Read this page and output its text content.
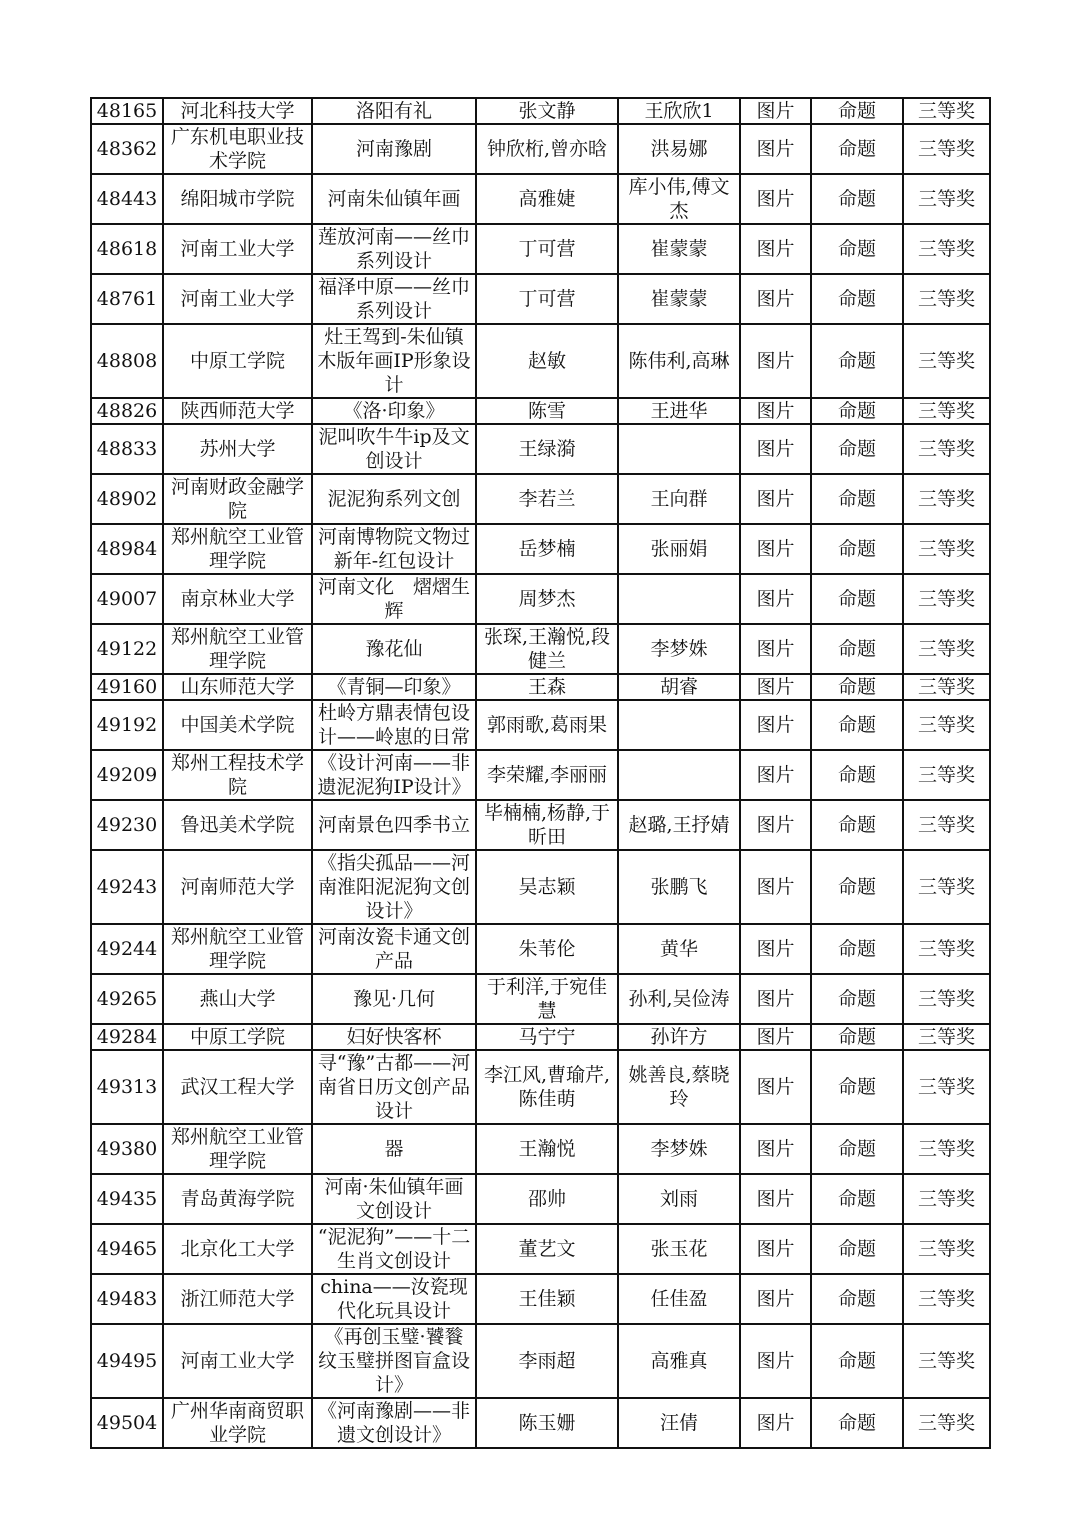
48165	河北科技大学	洛阳有礼	张文静	王欣欣1	图片	命题	三等奖
48362	广东机电职业技术学院	河南豫剧	钟欣桁,曾亦晗	洪易娜	图片	命题	三等奖
48443	绵阳城市学院	河南朱仙镇年画	高雅婕	库小伟,傅文杰	图片	命题	三等奖
48618	河南工业大学	莲放河南——丝巾系列设计	丁可营	崔蒙蒙	图片	命题	三等奖
48761	河南工业大学	福泽中原——丝巾系列设计	丁可营	崔蒙蒙	图片	命题	三等奖
48808	中原工学院	灶王驾到-朱仙镇木版年画IP形象设计	赵敏	陈伟利,高琳	图片	命题	三等奖
48826	陕西师范大学	《洛·印象》	陈雪	王进华	图片	命题	三等奖
48833	苏州大学	泥叫吹牛牛ip及文创设计	王绿漪		图片	命题	三等奖
48902	河南财政金融学院	泥泥狗系列文创	李若兰	王向群	图片	命题	三等奖
48984	郑州航空工业管理学院	河南博物院文物过新年-红包设计	岳梦楠	张丽娟	图片	命题	三等奖
49007	南京林业大学	河南文化　熠熠生辉	周梦杰		图片	命题	三等奖
49122	郑州航空工业管理学院	豫花仙	张琛,王瀚悦,段健兰	李梦姝	图片	命题	三等奖
49160	山东师范大学	《青铜—印象》	王森	胡睿	图片	命题	三等奖
49192	中国美术学院	杜岭方鼎表情包设计——岭崽的日常	郭雨歌,葛雨果		图片	命题	三等奖
49209	郑州工程技术学院	《设计河南——非遗泥泥狗IP设计》	李荣耀,李丽丽		图片	命题	三等奖
49230	鲁迅美术学院	河南景色四季书立	毕楠楠,杨静,于昕田	赵璐,王抒婧	图片	命题	三等奖
49243	河南师范大学	《指尖孤品——河南淮阳泥泥狗文创设计》	吴志颖	张鹏飞	图片	命题	三等奖
49244	郑州航空工业管理学院	河南汝瓷卡通文创产品	朱苇伦	黄华	图片	命题	三等奖
49265	燕山大学	豫见·几何	于利洋,于宛佳慧	孙利,吴俭涛	图片	命题	三等奖
49284	中原工学院	妇好快客杯	马宁宁	孙许方	图片	命题	三等奖
49313	武汉工程大学	寻“豫”古都——河南省日历文创产品设计	李江风,曹瑜芹,陈佳萌	姚善良,蔡晓玲	图片	命题	三等奖
49380	郑州航空工业管理学院	器	王瀚悦	李梦姝	图片	命题	三等奖
49435	青岛黄海学院	河南·朱仙镇年画文创设计	邵帅	刘雨	图片	命题	三等奖
49465	北京化工大学	“泥泥狗”——十二生肖文创设计	董艺文	张玉花	图片	命题	三等奖
49483	浙江师范大学	china——汝瓷现代化玩具设计	王佳颖	任佳盈	图片	命题	三等奖
49495	河南工业大学	《再创玉璧·饕餮纹玉璧拼图盲盒设计》	李雨超	高雅真	图片	命题	三等奖
49504	广州华南商贸职业学院	《河南豫剧——非遗文创设计》	陈玉姗	汪倩	图片	命题	三等奖
